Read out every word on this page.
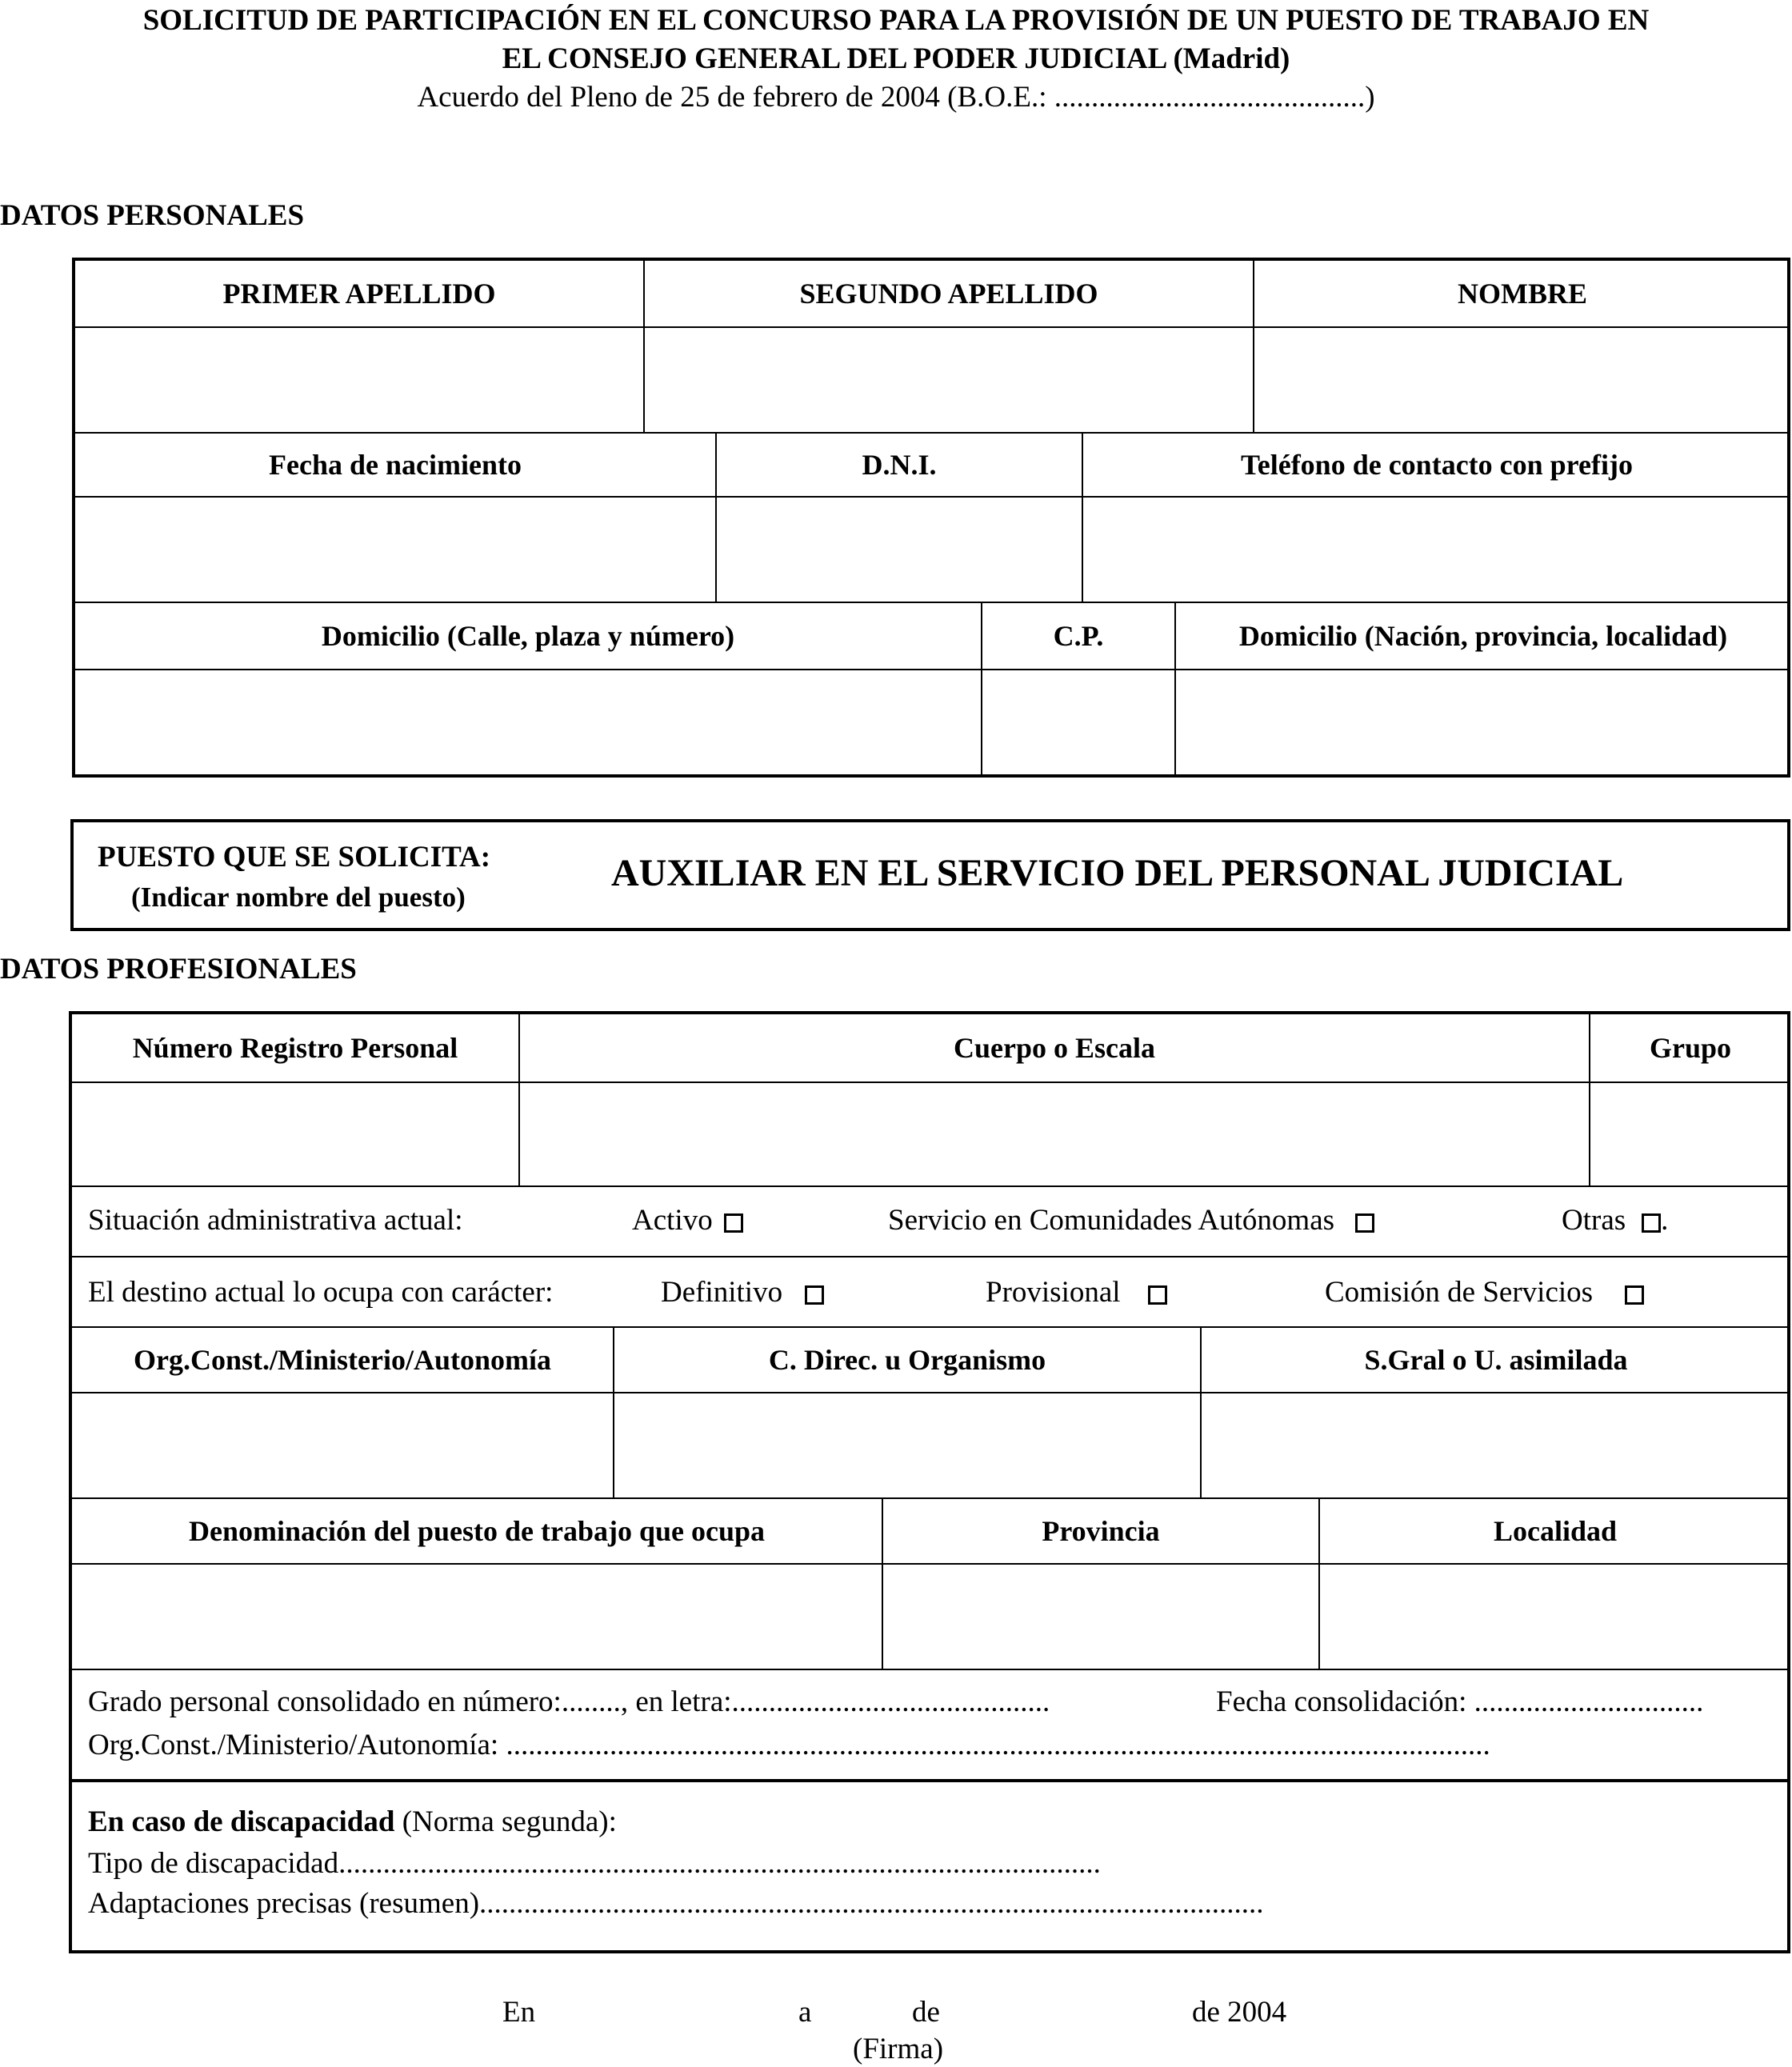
SOLICITUD DE PARTICIPACIÓN EN EL CONCURSO PARA LA PROVISIÓN DE UN PUESTO DE TRABAJO EN
EL CONSEJO GENERAL DEL PODER JUDICIAL (Madrid)
Acuerdo del Pleno de 25 de febrero de 2004 (B.O.E.: ..........................................)
DATOS PERSONALES
PRIMER APELLIDO	SEGUNDO APELLIDO	NOMBRE
Fecha de nacimiento	D.N.I.	Teléfono de contacto con prefijo
Domicilio (Calle, plaza y número)	C.P.	Domicilio (Nación, provincia, localidad)
PUESTO QUE SE SOLICITA:
(Indicar nombre del puesto)
AUXILIAR EN EL SERVICIO DEL PERSONAL JUDICIAL
DATOS PROFESIONALES
Número Registro Personal	Cuerpo o Escala	Grupo
Situación administrativa actual:	Activo	Servicio en Comunidades Autónomas	Otras .
El destino actual lo ocupa con carácter:	Definitivo	Provisional	Comisión de Servicios
Org.Const./Ministerio/Autonomía	C. Direc. u Organismo	S.Gral o U. asimilada
Denominación del puesto de trabajo que ocupa	Provincia	Localidad
Grado personal consolidado en número:........, en letra:...........................................	Fecha consolidación: ...............................
Org.Const./Ministerio/Autonomía: .....................................................................................................................................
En caso de discapacidad (Norma segunda):
Tipo de discapacidad.......................................................................................................
Adaptaciones precisas (resumen)..........................................................................................................
En	a	de	de 2004
(Firma)
